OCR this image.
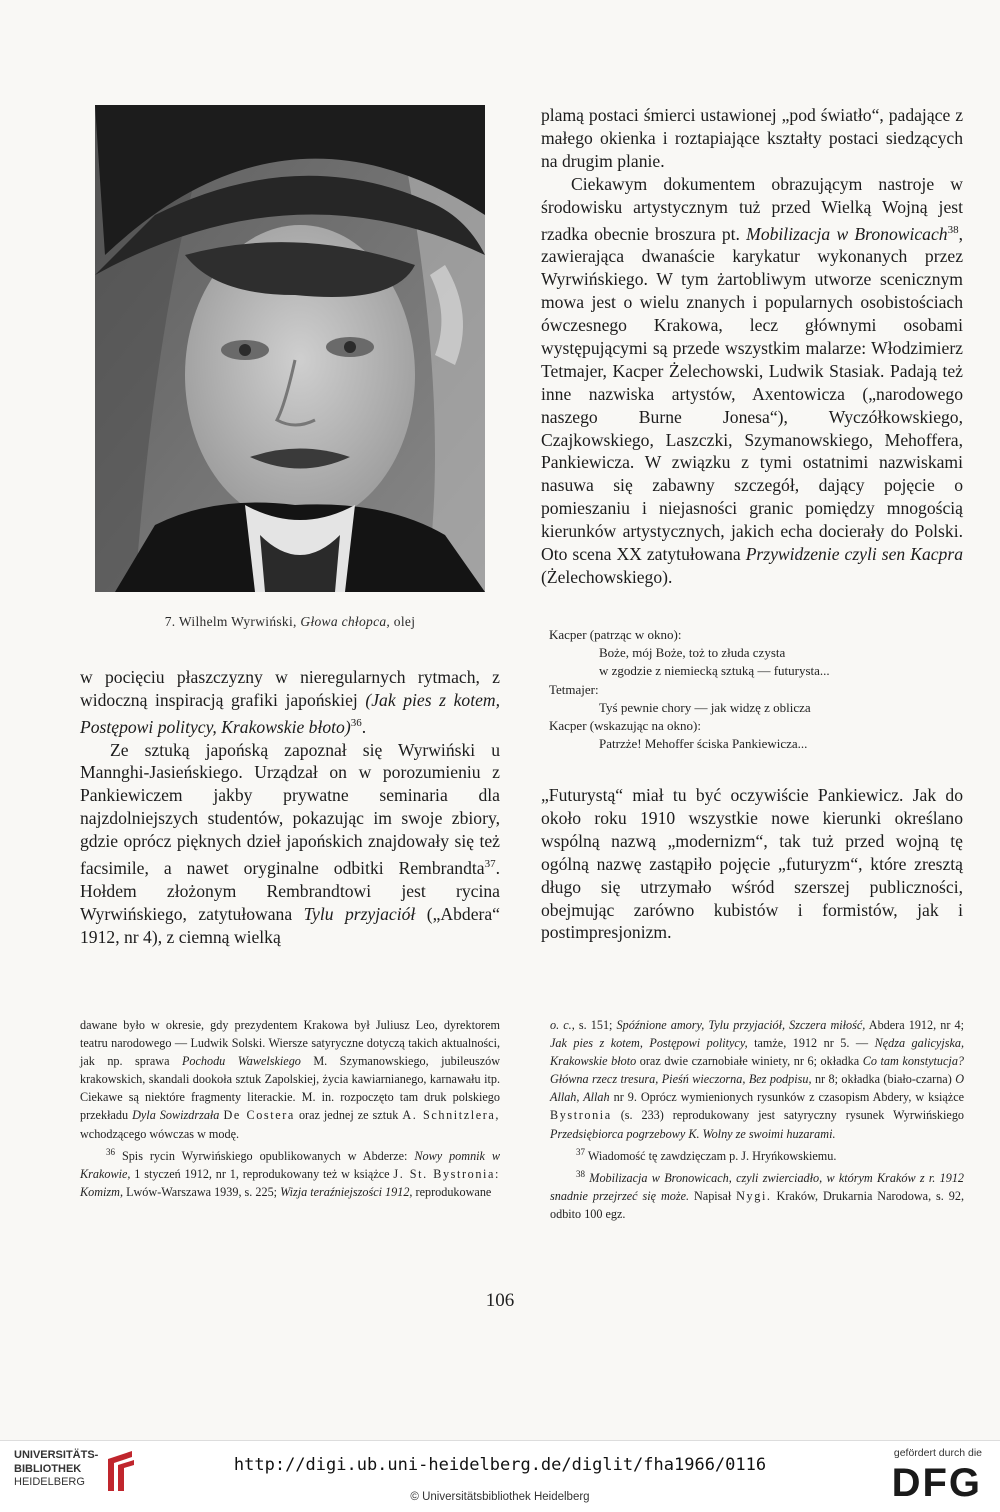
7. Wilhelm Wyrwiński, Głowa chłopca, olej

plamą postaci śmierci ustawionej „pod światło“, padające z małego okienka i roztapiające kształty postaci siedzących na drugim planie.

Ciekawym dokumentem obrazującym nastroje w środowisku artystycznym tuż przed Wielką Wojną jest rzadka obecnie broszura pt. Mobilizacja w Bronowicach$^{38}$, zawierająca dwanaście karykatur wykonanych przez Wyrwińskiego. W tym żartobliwym utworze scenicznym mowa jest o wielu znanych i popularnych osobistościach ówczesnego Krakowa, lecz głównymi osobami występującymi są przede wszystkim malarze: Włodzimierz Tetmajer, Kacper Żelechowski, Ludwik Stasiak. Padają też inne nazwiska artystów, Axentowicza („narodowego naszego Burne Jonesa“), Wyczółkowskiego, Czajkowskiego, Laszczki, Szymanowskiego, Mehoffera, Pankiewicza. W związku z tymi ostatnimi nazwiskami nasuwa się zabawny szczegół, dający pojęcie o pomieszaniu i niejasności granic pomiędzy mnogością kierunków artystycznych, jakich echa docierały do Polski. Oto scena XX zatytułowana Przywidzenie czyli sen Kacpra (Żelechowskiego).

Kacper (patrząc w okno):

Boże, mój Boże, toż to złuda czysta

w zgodzie z niemiecką sztuką — futurysta...

Tetmajer:

Tyś pewnie chory — jak widzę z oblicza

Kacper (wskazując na okno):

Patrzże! Mehoffer ściska Pankiewicza...

„Futurystą“ miał tu być oczywiście Pankiewicz. Jak do około roku 1910 wszystkie nowe kierunki określano wspólną nazwą „modernizm“, tak tuż przed wojną tę ogólną nazwę zastąpiło pojęcie „futuryzm“, które zresztą długo się utrzymało wśród szerszej publiczności, obejmując zarówno kubistów i formistów, jak i postimpresjonizm.

w pocięciu płaszczyzny w nieregularnych rytmach, z widoczną inspiracją grafiki japońskiej (Jak pies z kotem, Postępowi politycy, Krakowskie błoto)$^{36}$.

Ze sztuką japońską zapoznał się Wyrwiński u Mannghi-Jasieńskiego. Urządzał on w porozumieniu z Pankiewiczem jakby prywatne seminaria dla najzdolniejszych studentów, pokazując im swoje zbiory, gdzie oprócz pięknych dzieł japońskich znajdowały się też facsimile, a nawet oryginalne odbitki Rembrandta$^{37}$. Hołdem złożonym Rembrandtowi jest rycina Wyrwińskiego, zatytułowana Tylu przyjaciół („Abdera“ 1912, nr 4), z ciemną wielką

dawane było w okresie, gdy prezydentem Krakowa był Juliusz Leo, dyrektorem teatru narodowego — Ludwik Solski. Wiersze satyryczne dotyczą takich aktualności, jak np. sprawa Pochodu Wawelskiego M. Szymanowskiego, jubileuszów krakowskich, skandali dookoła sztuk Zapolskiej, życia kawiarnianego, karnawału itp. Ciekawe są niektóre fragmenty literackie. M. in. rozpoczęto tam druk polskiego przekładu Dyla Sowizdrzała De Costera oraz jednej ze sztuk A. Schnitzlera, wchodzącego wówczas w modę.

$^{36}$ Spis rycin Wyrwińskiego opublikowanych w Abderze: Nowy pomnik w Krakowie, 1 styczeń 1912, nr 1, reprodukowany też w książce J. St. Bystronia: Komizm, Lwów-Warszawa 1939, s. 225; Wizja teraźniejszości 1912, reprodukowane

o. c., s. 151; Spóźnione amory, Tylu przyjaciół, Szczera miłość, Abdera 1912, nr 4; Jak pies z kotem, Postępowi politycy, tamże, 1912 nr 5. — Nędza galicyjska, Krakowskie błoto oraz dwie czarnobiałe winiety, nr 6; okładka Co tam konstytucja? Główna rzecz tresura, Pieśń wieczorna, Bez podpisu, nr 8; okładka (biało-czarna) O Allah, Allah nr 9. Oprócz wymienionych rysunków z czasopism Abdery, w książce Bystronia (s. 233) reprodukowany jest satyryczny rysunek Wyrwińskiego Przedsiębiorca pogrzebowy K. Wolny ze swoimi huzarami.

$^{37}$ Wiadomość tę zawdzięczam p. J. Hryńkowskiemu.

$^{38}$ Mobilizacja w Bronowicach, czyli zwierciadło, w którym Kraków z r. 1912 snadnie przejrzeć się może. Napisał Nygi. Kraków, Drukarnia Narodowa, s. 92, odbito 100 egz.

106
UNIVERSITÄTS-
BIBLIOTHEK
HEIDELBERG
http://digi.ub.uni-heidelberg.de/diglit/fha1966/0116
© Universitätsbibliothek Heidelberg
gefördert durch die
DFG
